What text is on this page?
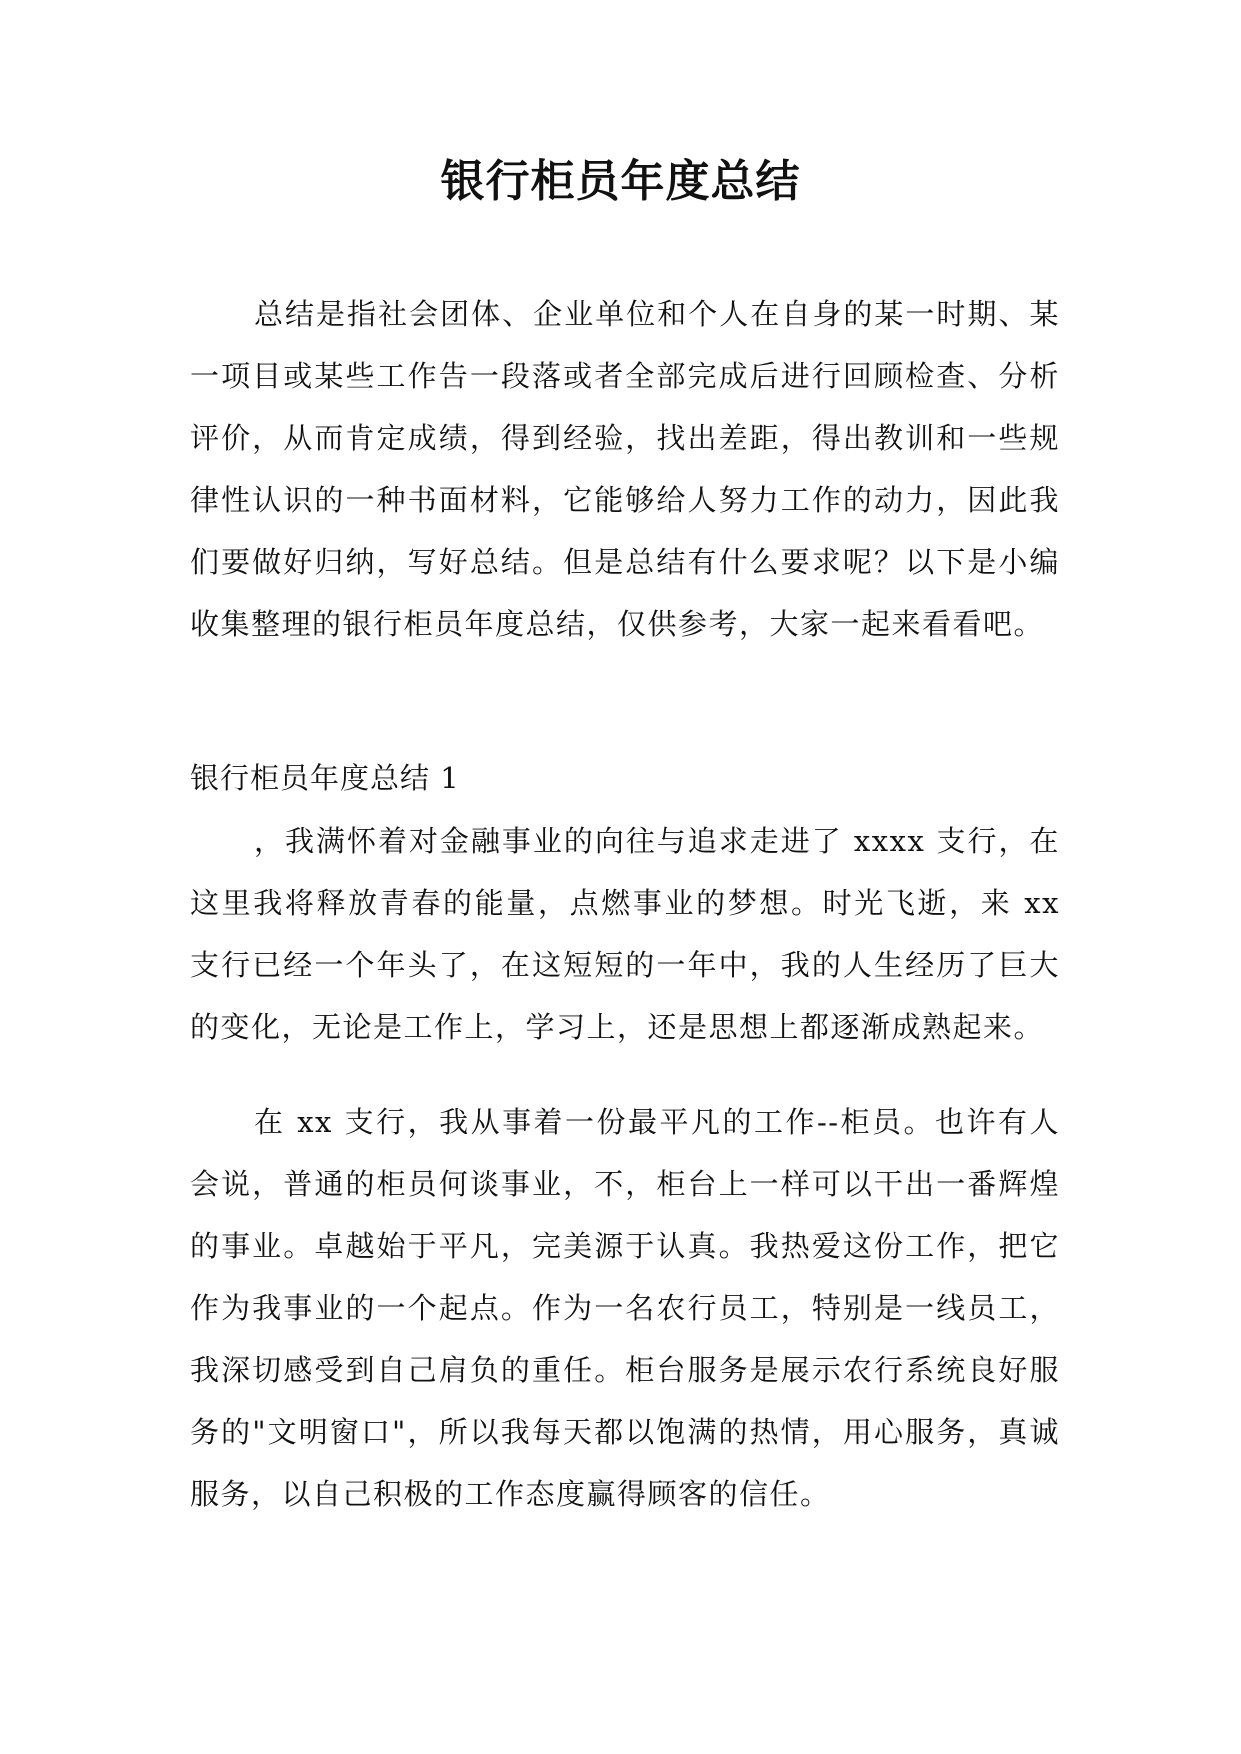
银行柜员年度总结

总结是指社会团体、企业单位和个人在自身的某一时期、某一项目或某些工作告一段落或者全部完成后进行回顾检查、分析评价，从而肯定成绩，得到经验，找出差距，得出教训和一些规律性认识的一种书面材料，它能够给人努力工作的动力，因此我们要做好归纳，写好总结。但是总结有什么要求呢？以下是小编收集整理的银行柜员年度总结，仅供参考，大家一起来看看吧。

银行柜员年度总结 1

，我满怀着对金融事业的向往与追求走进了 xxxx 支行，在这里我将释放青春的能量，点燃事业的梦想。时光飞逝，来 xx 支行已经一个年头了，在这短短的一年中，我的人生经历了巨大的变化，无论是工作上，学习上，还是思想上都逐渐成熟起来。

在 xx 支行，我从事着一份最平凡的工作--柜员。也许有人会说，普通的柜员何谈事业，不，柜台上一样可以干出一番辉煌的事业。卓越始于平凡，完美源于认真。我热爱这份工作，把它作为我事业的一个起点。作为一名农行员工，特别是一线员工，我深切感受到自己肩负的重任。柜台服务是展示农行系统良好服务的"文明窗口"，所以我每天都以饱满的热情，用心服务，真诚服务，以自己积极的工作态度赢得顾客的信任。
